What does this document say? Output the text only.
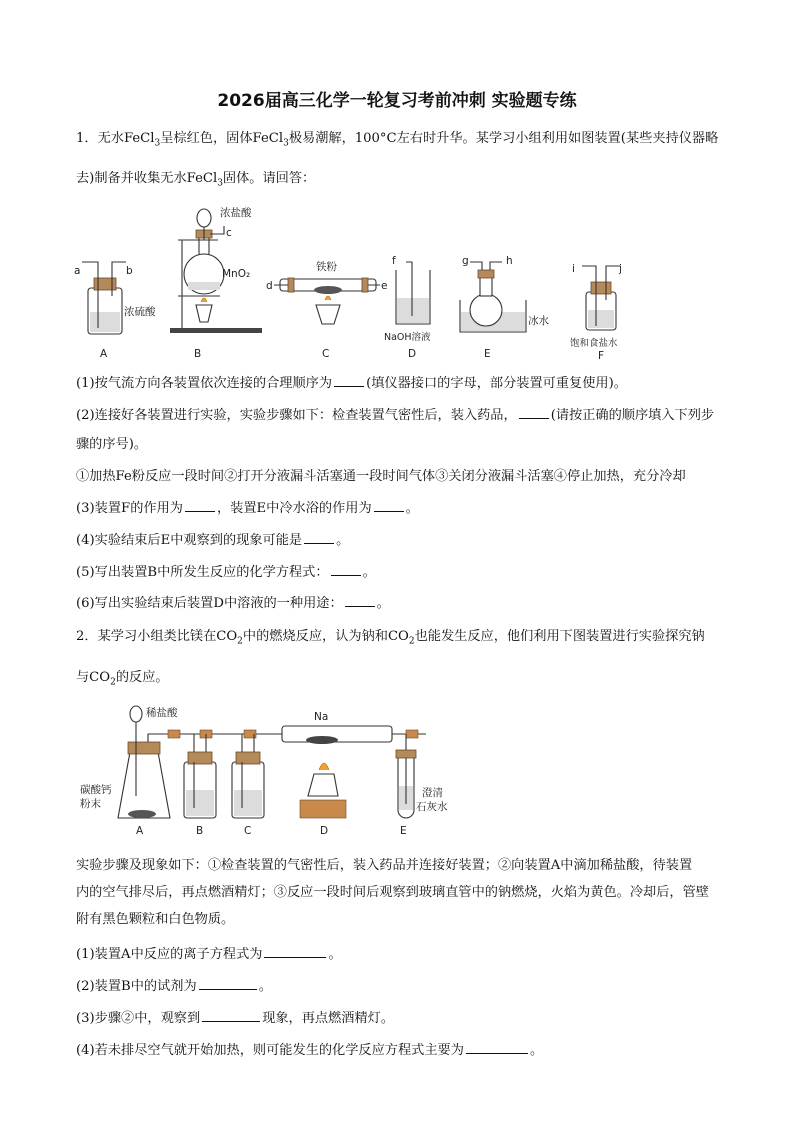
2026届高三化学一轮复习考前冲刺 实验题专练
1．无水FeCl$_3$呈棕红色，固体FeCl$_3$极易潮解，100°C左右时升华。某学习小组利用如图装置(某些夹持仪器略
去)制备并收集无水FeCl$_3$固体。请回答：
a	b
浓硫酸
A
浓盐酸
c
MnO₂
B
铁粉
d	e
C
f
NaOH溶液
D
g	h
冰水
E
i	j
饱和食盐水
F
(1)按气流方向各装置依次连接的合理顺序为	(填仪器接口的字母，部分装置可重复使用)。
(2)连接好各装置进行实验，实验步骤如下：检查装置气密性后，装入药品，	(请按正确的顺序填入下列步
骤的序号)。
①加热Fe粉反应一段时间②打开分液漏斗活塞通一段时间气体③关闭分液漏斗活塞④停止加热，充分冷却
(3)装置F的作用为	，装置E中冷水浴的作用为	。
(4)实验结束后E中观察到的现象可能是	。
(5)写出装置B中所发生反应的化学方程式：	。
(6)写出实验结束后装置D中溶液的一种用途：	。
2．某学习小组类比镁在$CO_2$中的燃烧反应，认为钠和$CO_2$也能发生反应，他们利用下图装置进行实验探究钠
与$CO_2$的反应。
稀盐酸
碳酸钙
粉末
A	B	C
Na
D
澄清
石灰水
E
实验步骤及现象如下：①检查装置的气密性后，装入药品并连接好装置；②向装置A中滴加稀盐酸，待装置
内的空气排尽后，再点燃酒精灯；③反应一段时间后观察到玻璃直管中的钠燃烧，火焰为黄色。冷却后，管壁
附有黑色颗粒和白色物质。
(1)装置A中反应的离子方程式为	。
(2)装置B中的试剂为	。
(3)步骤②中，观察到	现象，再点燃酒精灯。
(4)若未排尽空气就开始加热，则可能发生的化学反应方程式主要为	。
